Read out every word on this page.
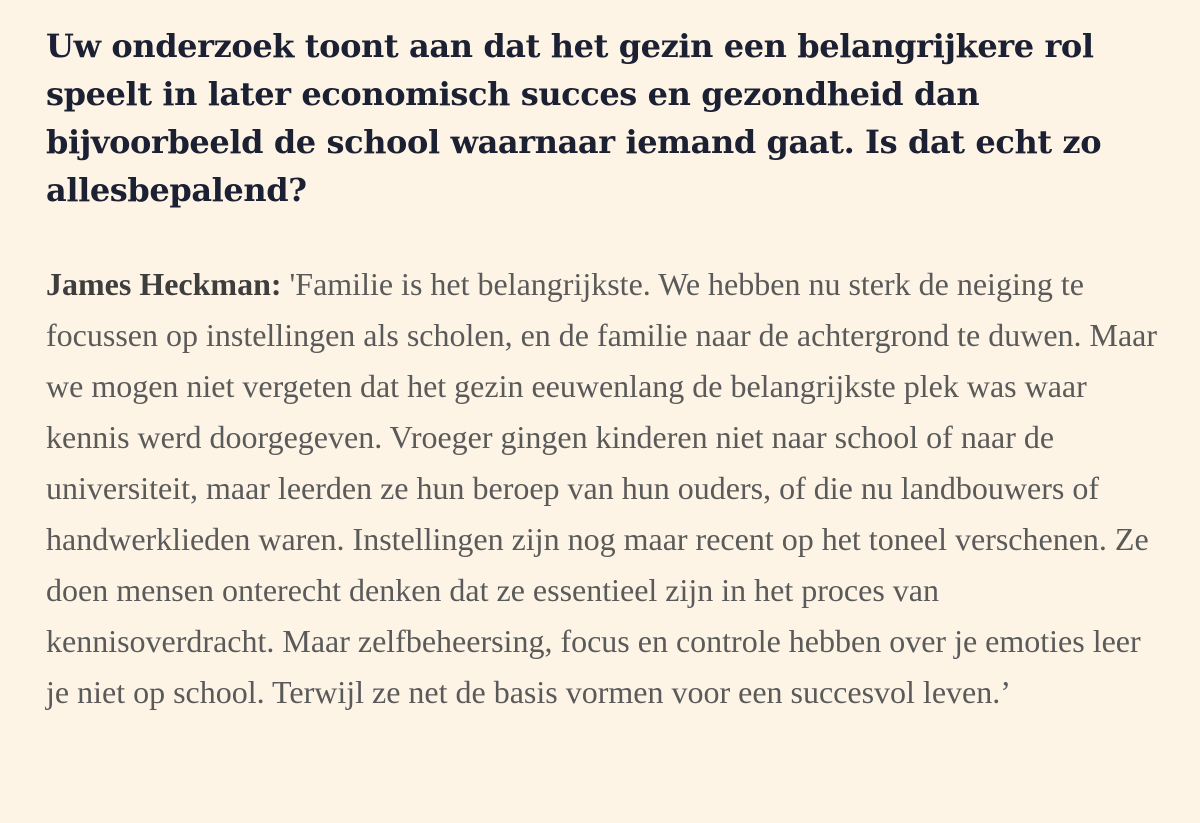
Uw onderzoek toont aan dat het gezin een belangrijkere rol speelt in later economisch succes en gezondheid dan bijvoorbeeld de school waarnaar iemand gaat. Is dat echt zo allesbepalend?

James Heckman: 'Familie is het belangrijkste. We hebben nu sterk de neiging te focussen op instellingen als scholen, en de familie naar de achtergrond te duwen. Maar we mogen niet vergeten dat het gezin eeuwenlang de belangrijkste plek was waar kennis werd doorgegeven. Vroeger gingen kinderen niet naar school of naar de universiteit, maar leerden ze hun beroep van hun ouders, of die nu landbouwers of handwerklieden waren. Instellingen zijn nog maar recent op het toneel verschenen. Ze doen mensen onterecht denken dat ze essentieel zijn in het proces van kennisoverdracht. Maar zelfbeheersing, focus en controle hebben over je emoties leer je niet op school. Terwijl ze net de basis vormen voor een succesvol leven.’
